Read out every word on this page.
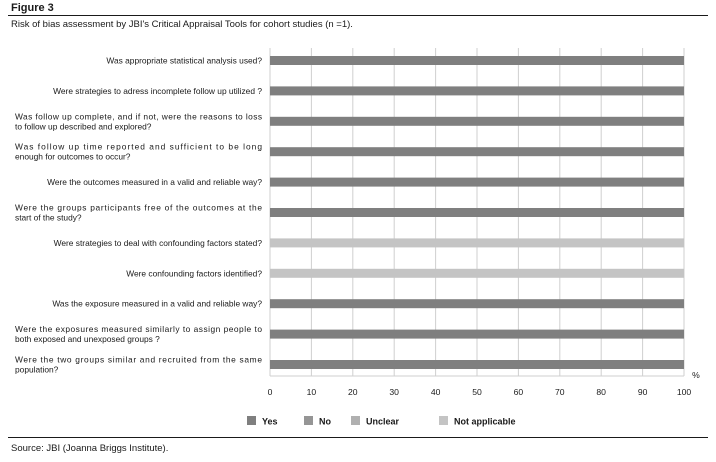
Figure 3
Risk of bias assessment by JBI's Critical Appraisal Tools for cohort studies (n =1).
Was appropriate statistical analysis used?
Were strategies to adress incomplete follow up utilized ?
Was follow up complete, and if not, were the reasons to loss
to follow up described and explored?
Was follow up time reported and sufficient to be long
enough for outcomes to occur?
Were the outcomes measured in a valid and reliable way?
Were the groups participants free of the outcomes at the
start of the study?
Were strategies to deal with confounding factors stated?
Were confounding factors identified?
Was the exposure measured in a valid and reliable way?
Were the exposures measured similarly to assign people to
both exposed and unexposed groups ?
Were the two groups similar and recruited from the same
population?
0	10	20	30	40	50	60	70	80	90	100
%
Yes	No	Unclear	Not applicable
Source: JBI (Joanna Briggs Institute).
